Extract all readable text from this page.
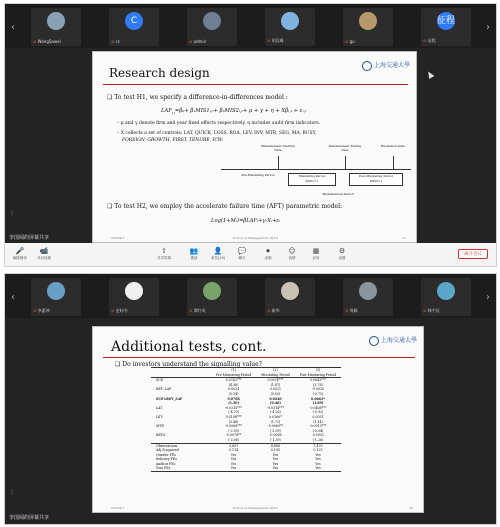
‹
⊘ WangSawei
C
⊘ cc	⊘ admin	⊘ 胡汉峰	⊘ gu
征程
⊘ 征程
›
Research design
上海交通大學
❑ To test H1, we specify a difference-in-differences model :
$LAF_{i,t}=\beta_0+$ β₁MIS1ᵢ,ₜ+ β₂MIS2ᵢ,ₜ+ μ + γ + η + Xβᵢ,ₜ + εᵢ,ₜ
– μ and γ denote firm and year fixed effects respectively. η includes audit firm indicators.
– X collects a set of controls: LAT, QUICK, LOSS, ROA, LEV, INV, MTR, SEG, MA, BUSY,
FOREIGN, GROWTH, FIRST, TENURE, ICW.
Misstatement Starting Date
Misstatement Ending Date
Revelation Date
Pre-Misstating Period	Misstating Period
MIS1=1
Post-Misstating Period
MIS2=1
Misstatement Period
❑ To test H2, we employ the accelerate failure time (AFT) parametric model:
Log(1+Mᵢ)=βLAFᵢ+γ·Xᵢ+εᵢ
2022/4/7	School of Management, XJTU	21
⋮
李国阅的屏幕共享
🎤
解除静音
📹
开启视频
⇧
共享屏幕
👥
邀请
👤
成员(10)
💬
聊天
⏺
录制
☺
表情
▦
应用
⚙
设置
离开会议
‹
⊘ 李惠琴	⊘ 史昀书	⊘ 谭红英	⊘ 新华	⊘ 周颖	⊘ 韩宇辰
›
Additional tests, cont.	上海交通大學
❑ Do investors understand the signalling value?
	(1)	(2)	(3)
	Pre-Misstating Period	Misstating Period	Post-Misstating Period
SUE	0.0742***	0.0974***	0.0643***
	(4.56)	(1.87)	(3.78)
REV_LAF	0.0024	0.0021	-0.0020
	(0.54)	(0.50)	(-0.75)
SUE×REV_LAF	0.0768	0.0240	0.0663*
	(1.50)	(0.46)	(1.89)
LAT	-0.0215***	-0.0314***	-0.0468***
	(-4.70)	(-4.26)	(-5.92)
LEV	0.0198***	0.0166*	0.0031
	(3.48)	(1.72)	(1.14)
MTR	-0.0068***	-0.0069**	-0.0013***
	(-2.59)	(-2.09)	(-5.04)
BETA	-0.0078**	-0.0058	-0.0052
	(-2.06)	(-1.39)	(-1.26)
Observations	9,801	8,888	7,470
Adj.R-squared	0.114	0.195	0.125
Quarter FEs	Yes	Yes	Yes
Industry FEs	Yes	Yes	Yes
Auditor FEs	Yes	Yes	Yes
Year FEs	Yes	Yes	Yes
2022/4/7	School of Management, XJTU	26
⋮
李国阅的屏幕共享
